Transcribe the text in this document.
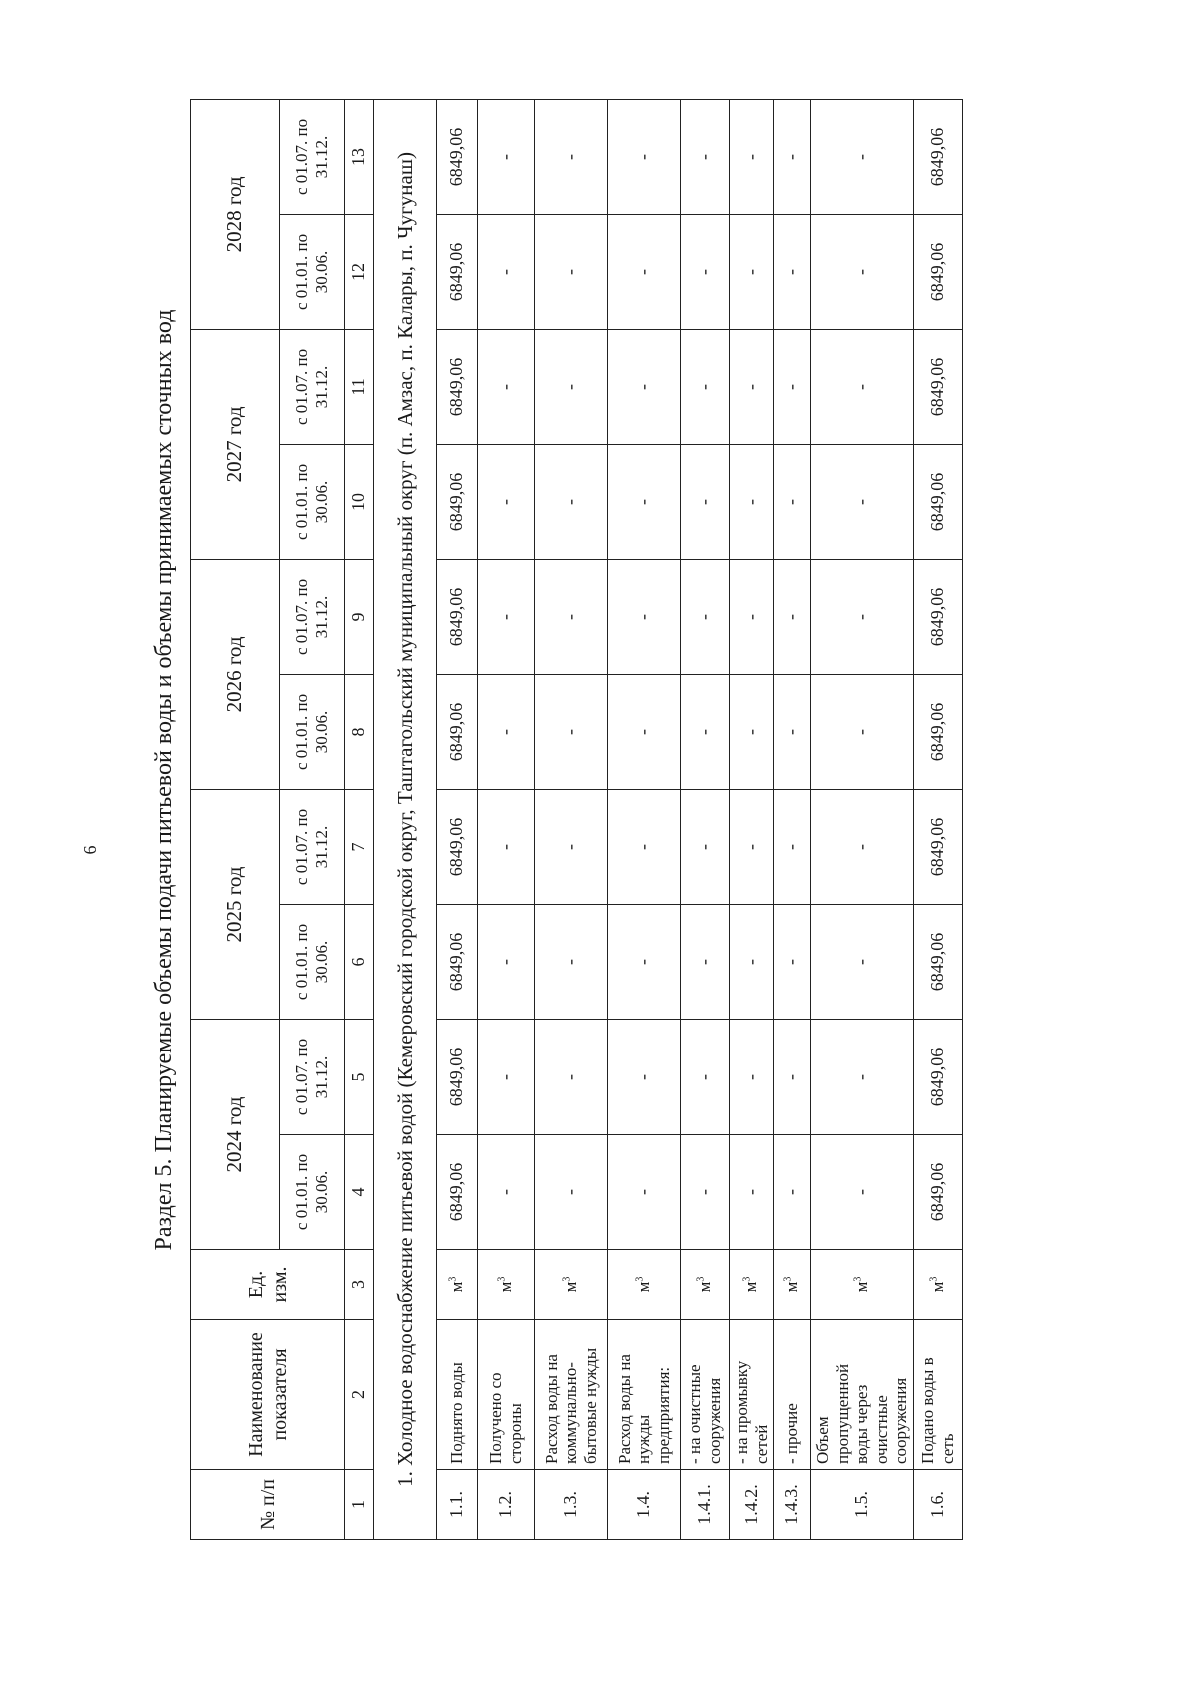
6 Раздел 5. Планируемые объемы подачи питьевой воды и объемы принимаемых сточных вод
№ п/п	Наименование показателя	Ед. изм.	2024 год		2025 год		2026 год		2027 год		2028 год	
			с 01.01. по 30.06.	с 01.07. по 31.12.	с 01.01. по 30.06.	с 01.07. по 31.12.	с 01.01. по 30.06.	с 01.07. по 31.12.	с 01.01. по 30.06.	с 01.07. по 31.12.	с 01.01. по 30.06.	с 01.07. по 31.12.
1	2	3	4	5	6	7	8	9	10	11	12	13
1. Холодное водоснабжение питьевой водой (Кемеровский городской округ, Таштагольский муниципальный округ (п. Амзас, п. Калары, п. Чугунаш)												
1.1.	Поднято воды	$м^3$	6849,06	6849,06	6849,06	6849,06	6849,06	6849,06	6849,06	6849,06	6849,06	6849,06
1.2.	Получено со стороны	$м^3$	-	-	-	-	-	-	-	-	-	-
1.3.	Расход воды на коммунально-бытовые нужды	$м^3$	-	-	-	-	-	-	-	-	-	-
1.4.	Расход воды на нужды предприятия:	$м^3$	-	-	-	-	-	-	-	-	-	-
1.4.1.	- на очистные сооружения	$м^3$	-	-	-	-	-	-	-	-	-	-
1.4.2.	- на промывку сетей	$м^3$	-	-	-	-	-	-	-	-	-	-
1.4.3.	- прочие	$м^3$	-	-	-	-	-	-	-	-	-	-
1.5.	Объем пропущенной воды через очистные сооружения	$м^3$	-	-	-	-	-	-	-	-	-	-
1.6.	Подано воды в сеть	$м^3$	6849,06	6849,06	6849,06	6849,06	6849,06	6849,06	6849,06	6849,06	6849,06	6849,06
